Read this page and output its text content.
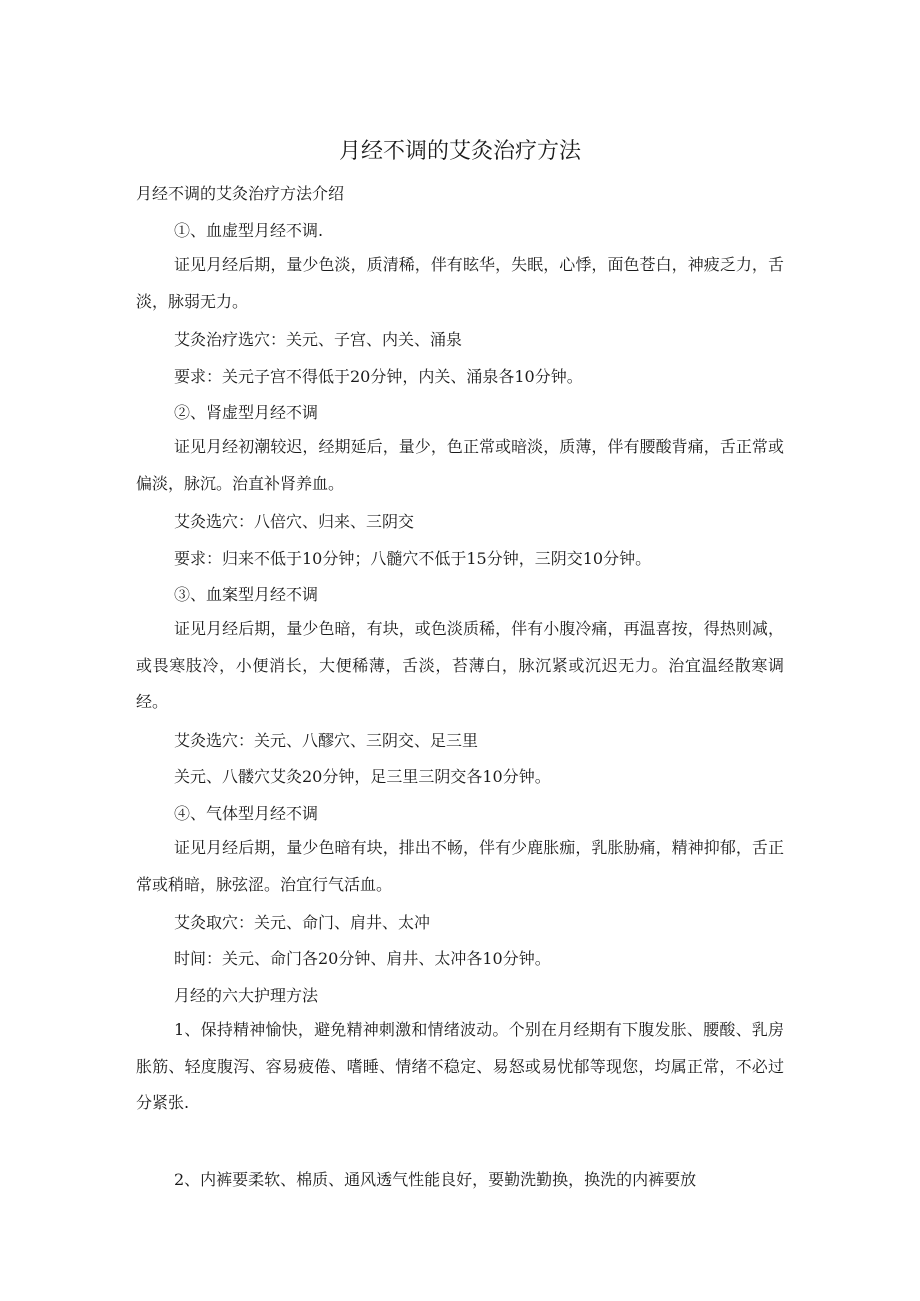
月经不调的艾灸治疗方法
月经不调的艾灸治疗方法介绍
①、血虚型月经不调.
证见月经后期，量少色淡，质清稀，伴有眩华，失眠，心悸，面色苍白，神疲乏力，舌淡，脉弱无力。
艾灸治疗选穴：关元、子宫、内关、涌泉
要求：关元子宫不得低于20分钟，内关、涌泉各10分钟。
②、肾虚型月经不调
证见月经初潮较迟，经期延后，量少，色正常或暗淡，质薄，伴有腰酸背痛，舌正常或偏淡，脉沉。治直补肾养血。
艾灸选穴：八倍穴、归来、三阴交
要求：归来不低于10分钟；八髓穴不低于15分钟，三阴交10分钟。
③、血案型月经不调
证见月经后期，量少色暗，有块，或色淡质稀，伴有小腹冷痛，再温喜按，得热则减，或畏寒肢冷，小便消长，大便稀薄，舌淡，苔薄白，脉沉紧或沉迟无力。治宜温经散寒调经。
艾灸选穴：关元、八醪穴、三阴交、足三里
关元、八髅穴艾灸20分钟，足三里三阴交各10分钟。
④、气体型月经不调
证见月经后期，量少色暗有块，排出不畅，伴有少鹿胀痂，乳胀胁痛，精神抑郁，舌正常或稍暗，脉弦涩。治宜行气活血。
艾灸取穴：关元、命门、肩井、太冲
时间：关元、命门各20分钟、肩井、太冲各10分钟。
月经的六大护理方法
1、保持精神愉快，避免精神刺激和情绪波动。个别在月经期有下腹发胀、腰酸、乳房胀筋、轻度腹泻、容易疲倦、嗜睡、情绪不稳定、易怒或易忧郁等现您，均属正常，不必过分紧张.
2、内裤要柔软、棉质、通风透气性能良好，要勤洗勤换，换洗的内裤要放
